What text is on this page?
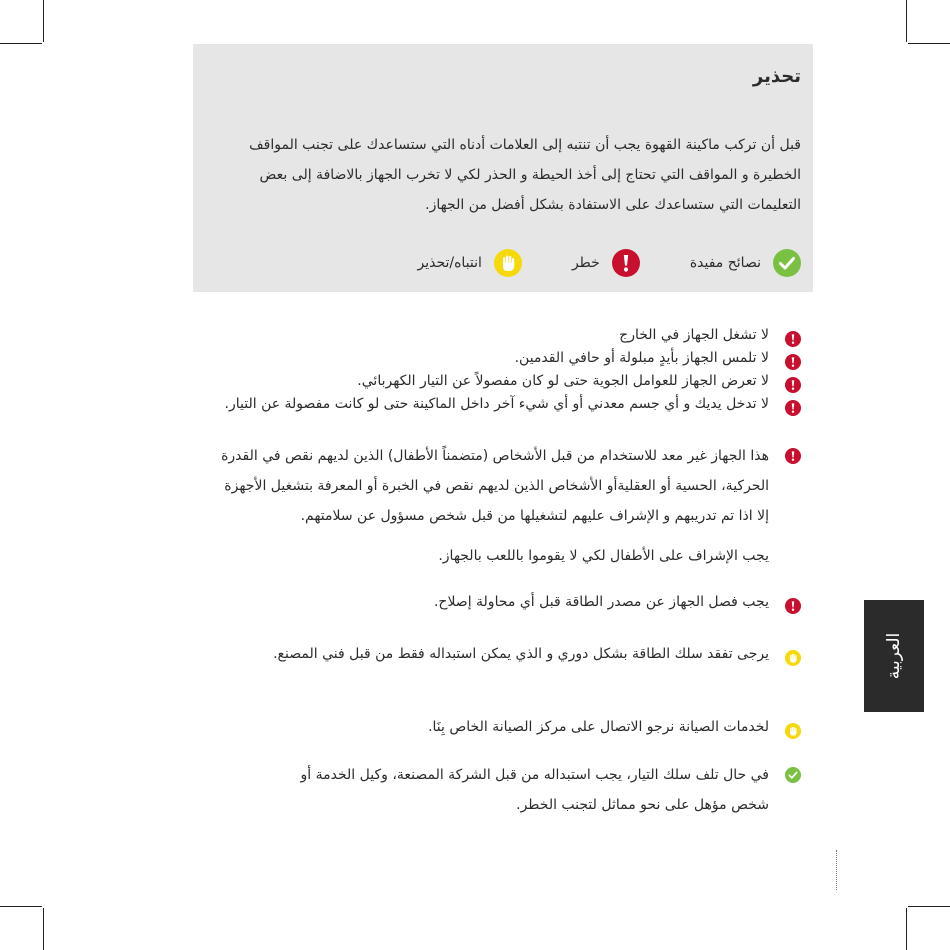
تحذير

قبل أن تركب ماكينة القهوة يجب أن تنتبه إلى العلامات أدناه التي ستساعدك على تجنب المواقف الخطيرة و المواقف التي تحتاج إلى أخذ الحيطة و الحذر لكي لا تخرب الجهاز بالاضافة إلى بعض التعليمات التي ستساعدك على الاستفادة بشكل أفضل من الجهاز.

نصائح مفيدة
خطر
انتباه/تحذير
لا تشغل الجهاز في الخارج
لا تلمس الجهاز بأيدٍ مبلولة أو حافي القدمين.
لا تعرض الجهاز للعوامل الجوية حتى لو كان مفصولاً عن التيار الكهربائي.
لا تدخل يديك و أي جسم معدني أو أي شيء آخر داخل الماكينة حتى لو كانت مفصولة عن التيار.
هذا الجهاز غير معد للاستخدام من قبل الأشخاص (متضمناً الأطفال) الذين لديهم نقص في القدرة
الحركية، الحسية أو العقليةأو الأشخاص الذين لديهم نقص في الخبرة أو المعرفة بتشغيل الأجهزة
إلا اذا تم تدريبهم و الإشراف عليهم لتشغيلها من قبل شخص مسؤول عن سلامتهم.
يجب الإشراف على الأطفال لكي لا يقوموا باللعب بالجهاز.
يجب فصل الجهاز عن مصدر الطاقة قبل أي محاولة إصلاح.
يرجى تفقد سلك الطاقة بشكل دوري و الذي يمكن استبداله فقط من قبل فني المصنع.
لخدمات الصيانة نرجو الاتصال على مركز الصيانة الخاص بِنَا.
في حال تلف سلك التيار، يجب استبداله من قبل الشركة المصنعة، وكيل الخدمة أو
شخص مؤهل على نحو مماثل لتجنب الخطر.
العربية
